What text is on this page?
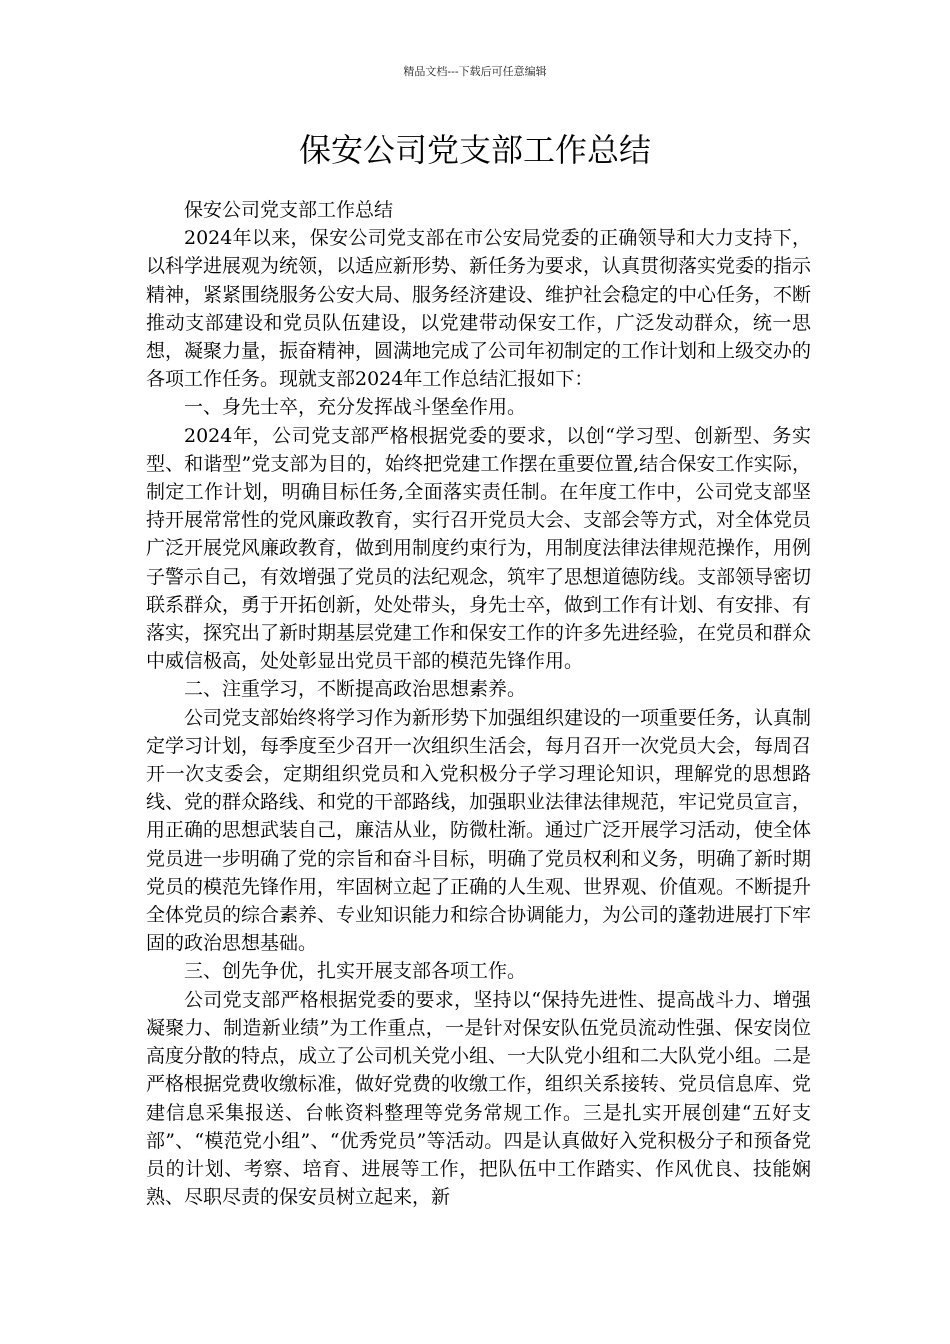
精品文档---下载后可任意编辑
保安公司党支部工作总结

保安公司党支部工作总结

2024年以来，保安公司党支部在市公安局党委的正确领导和大力支持下，以科学进展观为统领，以适应新形势、新任务为要求，认真贯彻落实党委的指示精神，紧紧围绕服务公安大局、服务经济建设、维护社会稳定的中心任务，不断推动支部建设和党员队伍建设，以党建带动保安工作，广泛发动群众，统一思想，凝聚力量，振奋精神，圆满地完成了公司年初制定的工作计划和上级交办的各项工作任务。现就支部2024年工作总结汇报如下：

一、身先士卒，充分发挥战斗堡垒作用。

2024年，公司党支部严格根据党委的要求，以创“学习型、创新型、务实型、和谐型”党支部为目的，始终把党建工作摆在重要位置,结合保安工作实际，制定工作计划，明确目标任务,全面落实责任制。在年度工作中，公司党支部坚持开展常常性的党风廉政教育，实行召开党员大会、支部会等方式，对全体党员广泛开展党风廉政教育，做到用制度约束行为，用制度法律法律规范操作，用例子警示自己，有效增强了党员的法纪观念，筑牢了思想道德防线。支部领导密切联系群众，勇于开拓创新，处处带头，身先士卒，做到工作有计划、有安排、有落实，探究出了新时期基层党建工作和保安工作的许多先进经验，在党员和群众中威信极高，处处彰显出党员干部的模范先锋作用。

二、注重学习，不断提高政治思想素养。

公司党支部始终将学习作为新形势下加强组织建设的一项重要任务，认真制定学习计划，每季度至少召开一次组织生活会，每月召开一次党员大会，每周召开一次支委会，定期组织党员和入党积极分子学习理论知识，理解党的思想路线、党的群众路线、和党的干部路线，加强职业法律法律规范，牢记党员宣言，用正确的思想武装自己，廉洁从业，防微杜渐。通过广泛开展学习活动，使全体党员进一步明确了党的宗旨和奋斗目标，明确了党员权利和义务，明确了新时期党员的模范先锋作用，牢固树立起了正确的人生观、世界观、价值观。不断提升全体党员的综合素养、专业知识能力和综合协调能力，为公司的蓬勃进展打下牢固的政治思想基础。

三、创先争优，扎实开展支部各项工作。

公司党支部严格根据党委的要求，坚持以“保持先进性、提高战斗力、增强凝聚力、制造新业绩”为工作重点，一是针对保安队伍党员流动性强、保安岗位高度分散的特点，成立了公司机关党小组、一大队党小组和二大队党小组。二是严格根据党费收缴标准，做好党费的收缴工作，组织关系接转、党员信息库、党建信息采集报送、台帐资料整理等党务常规工作。三是扎实开展创建“五好支部”、“模范党小组”、“优秀党员”等活动。四是认真做好入党积极分子和预备党员的计划、考察、培育、进展等工作，把队伍中工作踏实、作风优良、技能娴熟、尽职尽责的保安员树立起来，新
